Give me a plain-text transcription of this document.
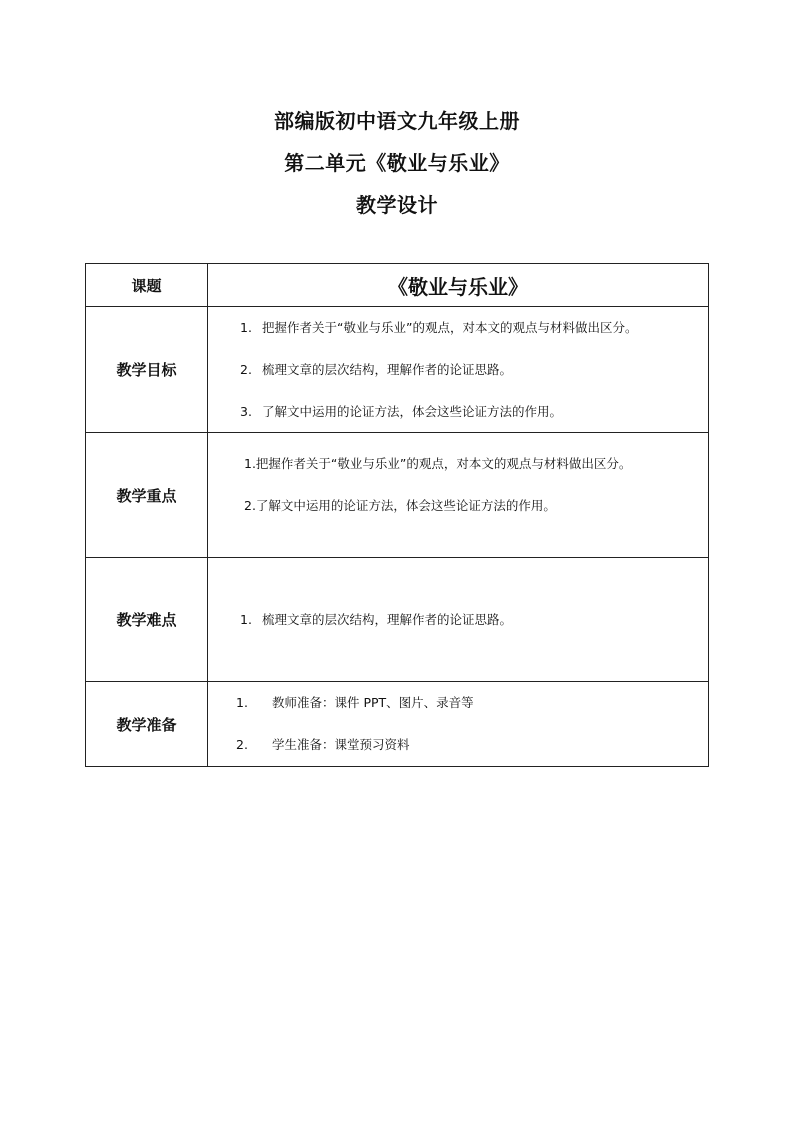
部编版初中语文九年级上册
第二单元《敬业与乐业》
教学设计
课题	《敬业与乐业》

教学目标	1. 把握作者关于“敬业与乐业”的观点，对本文的观点与材料做出区分。

2. 梳理文章的层次结构，理解作者的论证思路。

3. 了解文中运用的论证方法，体会这些论证方法的作用。

教学重点	1.把握作者关于“敬业与乐业”的观点，对本文的观点与材料做出区分。

2.了解文中运用的论证方法，体会这些论证方法的作用。

教学难点	1. 梳理文章的层次结构，理解作者的论证思路。

教学准备	1. 教师准备：课件 PPT、图片、录音等

2. 学生准备：课堂预习资料
